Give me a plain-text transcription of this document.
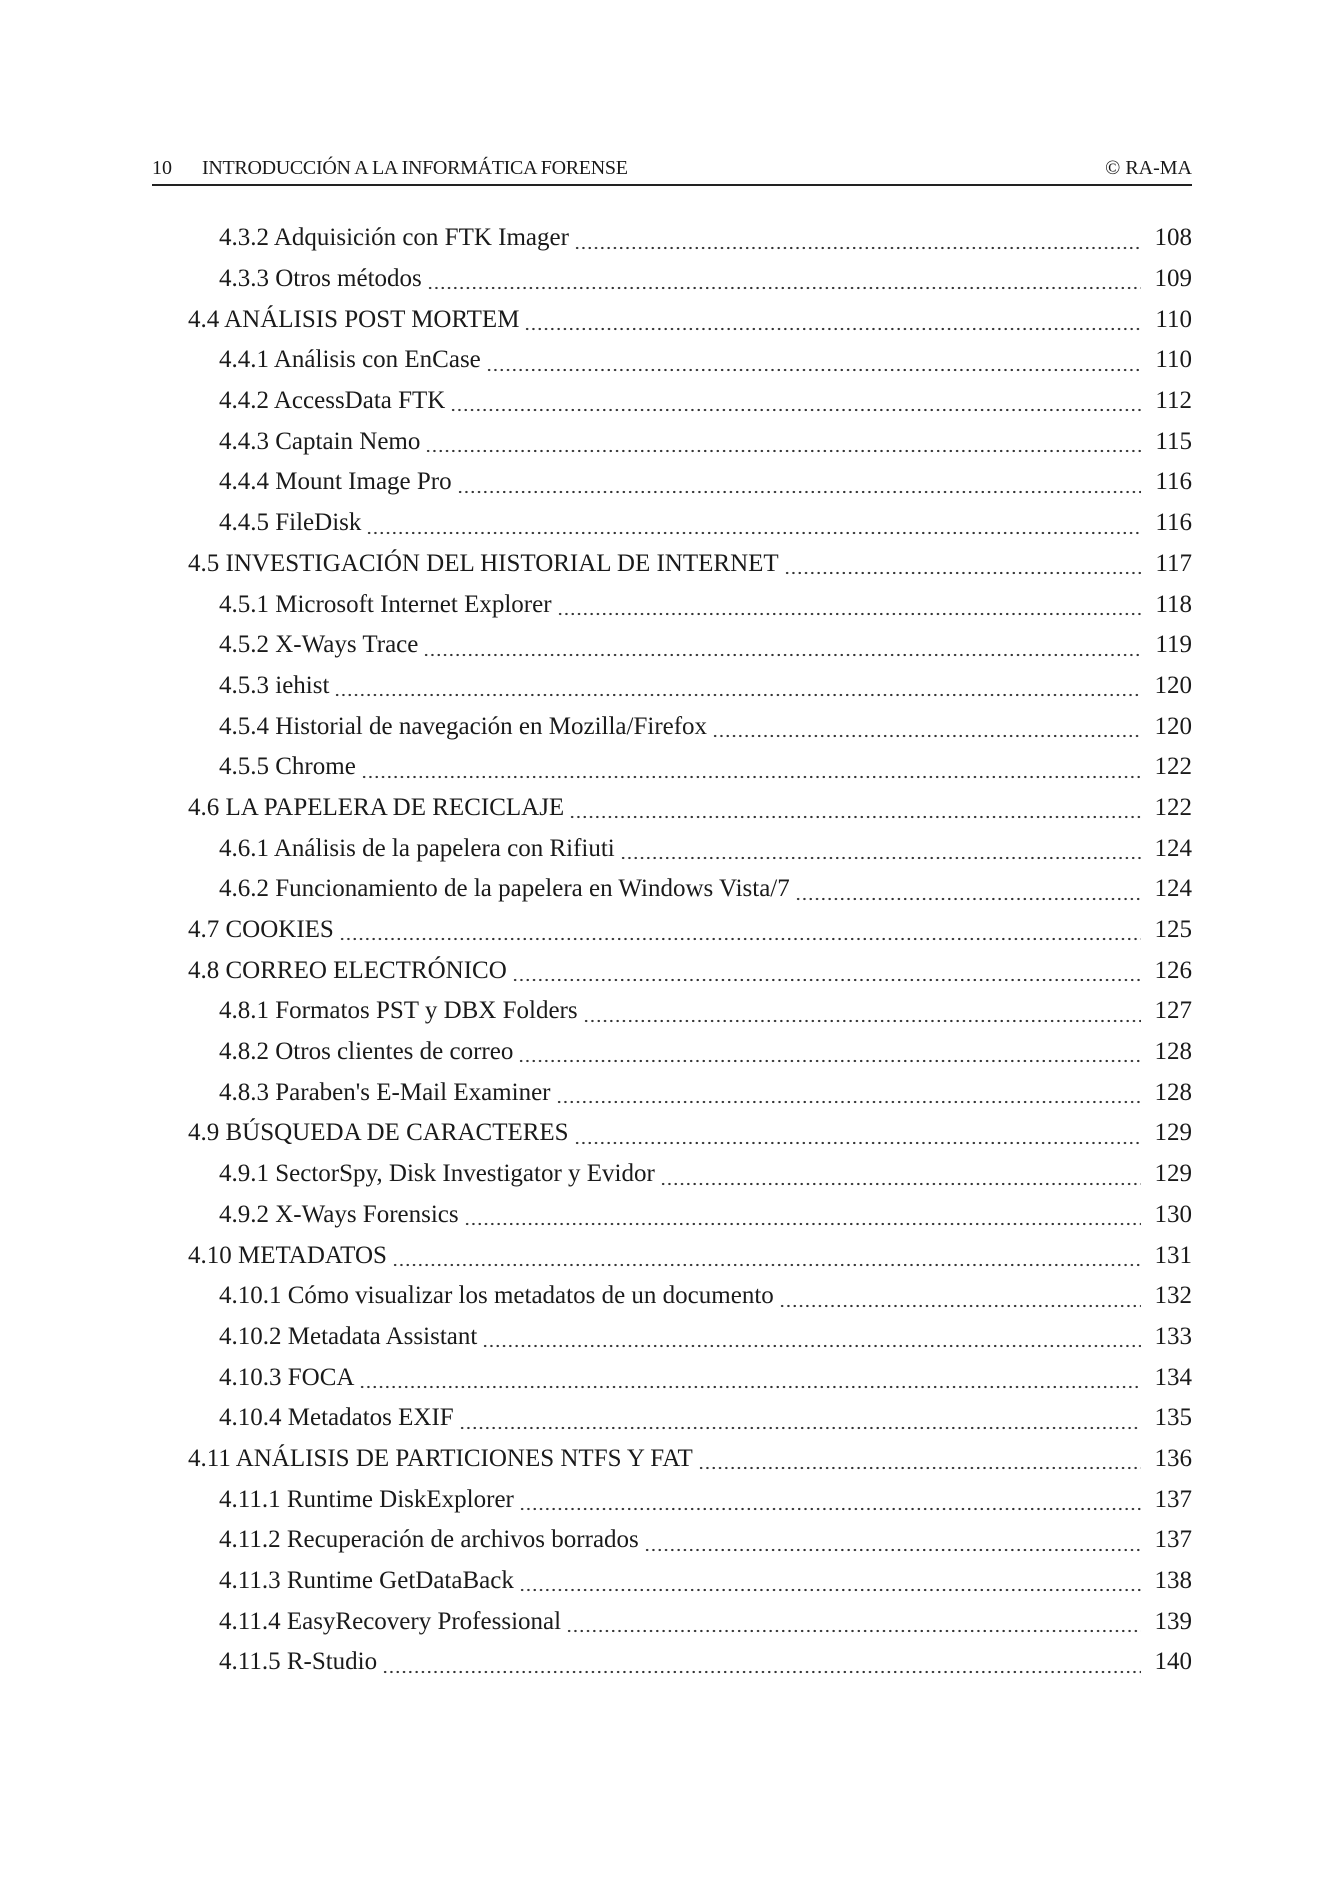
10	INTRODUCCIÓN A LA INFORMÁTICA FORENSE	© RA-MA
4.3.2 Adquisición con FTK Imager	108
4.3.3 Otros métodos	109
4.4 ANÁLISIS POST MORTEM	110
4.4.1 Análisis con EnCase	110
4.4.2 AccessData FTK	112
4.4.3 Captain Nemo	115
4.4.4 Mount Image Pro	116
4.4.5 FileDisk	116
4.5 INVESTIGACIÓN DEL HISTORIAL DE INTERNET	117
4.5.1 Microsoft Internet Explorer	118
4.5.2 X-Ways Trace	119
4.5.3 iehist	120
4.5.4 Historial de navegación en Mozilla/Firefox	120
4.5.5 Chrome	122
4.6 LA PAPELERA DE RECICLAJE	122
4.6.1 Análisis de la papelera con Rifiuti	124
4.6.2 Funcionamiento de la papelera en Windows Vista/7	124
4.7 COOKIES	125
4.8 CORREO ELECTRÓNICO	126
4.8.1 Formatos PST y DBX Folders	127
4.8.2 Otros clientes de correo	128
4.8.3 Paraben's E-Mail Examiner	128
4.9 BÚSQUEDA DE CARACTERES	129
4.9.1 SectorSpy, Disk Investigator y Evidor	129
4.9.2 X-Ways Forensics	130
4.10 METADATOS	131
4.10.1 Cómo visualizar los metadatos de un documento	132
4.10.2 Metadata Assistant	133
4.10.3 FOCA	134
4.10.4 Metadatos EXIF	135
4.11 ANÁLISIS DE PARTICIONES NTFS Y FAT	136
4.11.1 Runtime DiskExplorer	137
4.11.2 Recuperación de archivos borrados	137
4.11.3 Runtime GetDataBack	138
4.11.4 EasyRecovery Professional	139
4.11.5 R-Studio	140
